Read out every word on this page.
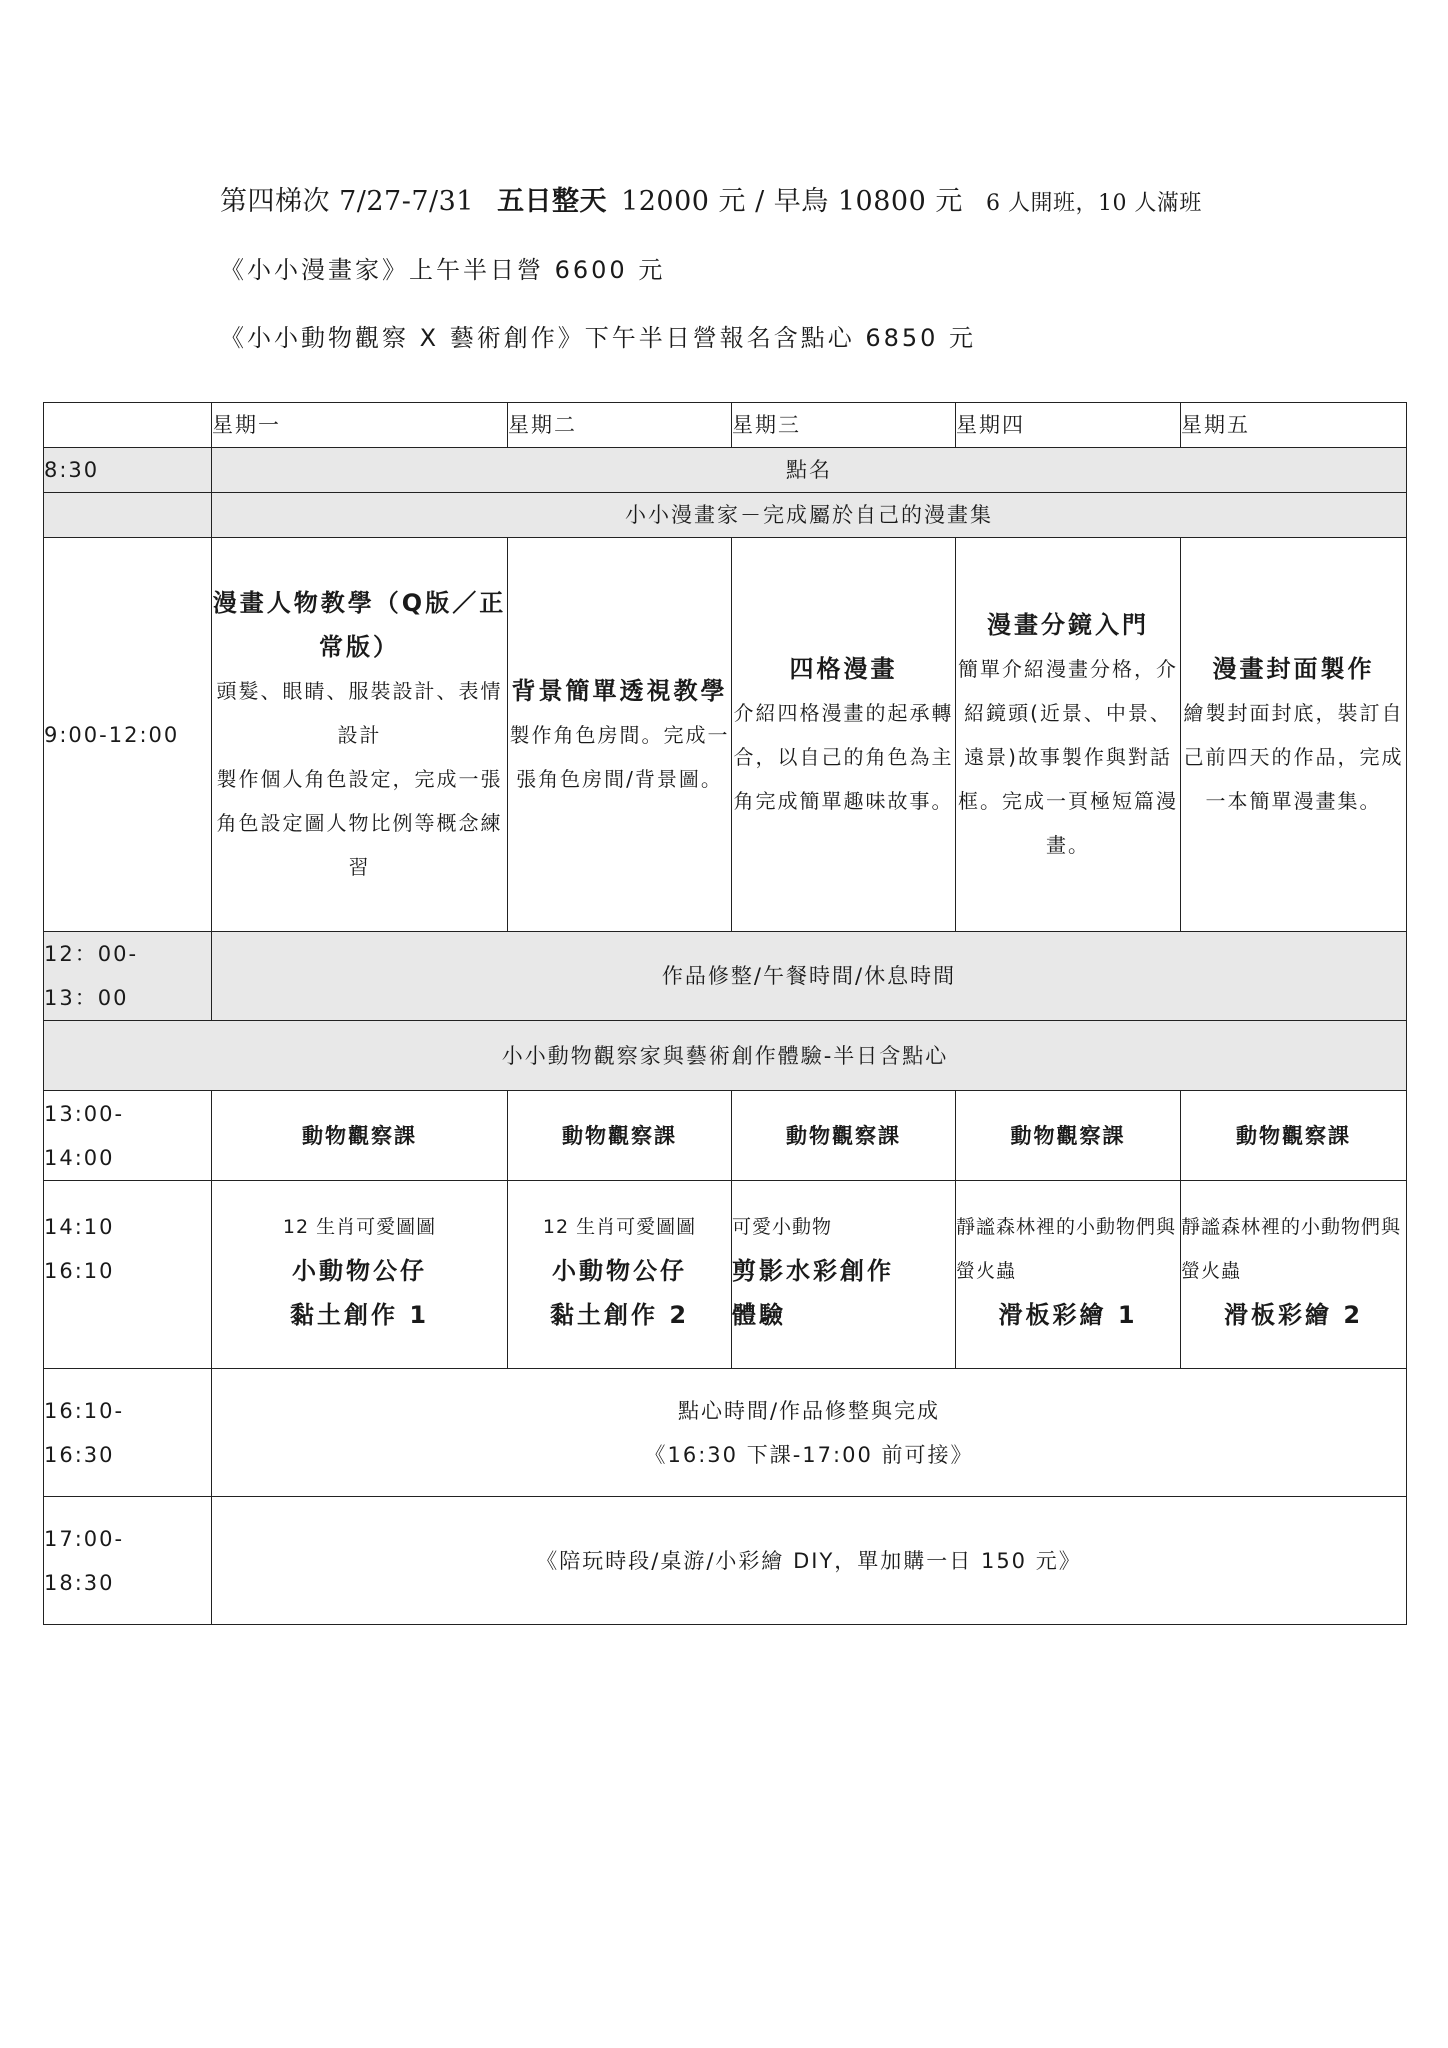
第四梯次 7/27-7/31 五日整天 12000 元 / 早鳥 10800 元 6 人開班，10 人滿班
《小小漫畫家》上午半日營 6600 元
《小小動物觀察 X 藝術創作》下午半日營報名含點心 6850 元
	星期一	星期二	星期三	星期四	星期五
8:30	點名				
	小小漫畫家－完成屬於自己的漫畫集				
9:00-12:00	漫畫人物教學（Q版／正常版）
頭髮、眼睛、服裝設計、表情設計
製作個人角色設定，完成一張角色設定圖人物比例等概念練習	背景簡單透視教學
製作角色房間。完成一張角色房間/背景圖。	四格漫畫
介紹四格漫畫的起承轉合，以自己的角色為主角完成簡單趣味故事。	漫畫分鏡入門
簡單介紹漫畫分格，介紹鏡頭(近景、中景、遠景)故事製作與對話框。完成一頁極短篇漫畫。	漫畫封面製作
繪製封面封底，裝訂自己前四天的作品，完成一本簡單漫畫集。

12：00-
13：00	作品修整/午餐時間/休息時間				
小小動物觀察家與藝術創作體驗-半日含點心					

13:00-
14:00	動物觀察課	動物觀察課	動物觀察課	動物觀察課	動物觀察課

14:10
16:10	12 生肖可愛圖圖
小動物公仔
黏土創作 1	12 生肖可愛圖圖
小動物公仔
黏土創作 2	可愛小動物
剪影水彩創作
體驗	靜謐森林裡的小動物們與螢火蟲
滑板彩繪 1	靜謐森林裡的小動物們與螢火蟲
滑板彩繪 2

16:10-
16:30	點心時間/作品修整與完成
《16:30 下課-17:00 前可接》				

17:00-
18:30	《陪玩時段/桌游/小彩繪 DIY，單加購一日 150 元》				
